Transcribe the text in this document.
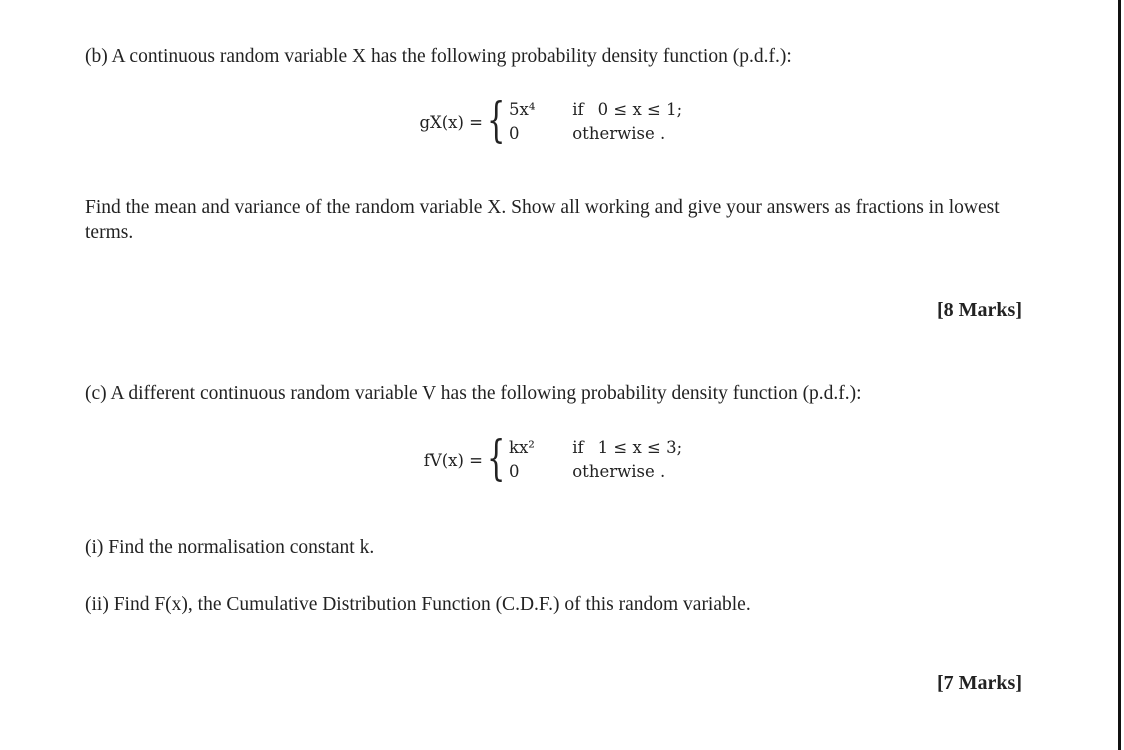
(b) A continuous random variable X has the following probability density function (p.d.f.):

gX(x) = { 5x⁴ if 0 ≤ x ≤ 1;
0	otherwise .

Find the mean and variance of the random variable X. Show all working and give your answers as fractions in lowest terms.

[8 Marks]

(c) A different continuous random variable V has the following probability density function (p.d.f.):

fV(x) = { kx² if 1 ≤ x ≤ 3;
0	otherwise .

(i) Find the normalisation constant k.

(ii) Find F(x), the Cumulative Distribution Function (C.D.F.) of this random variable.

[7 Marks]
